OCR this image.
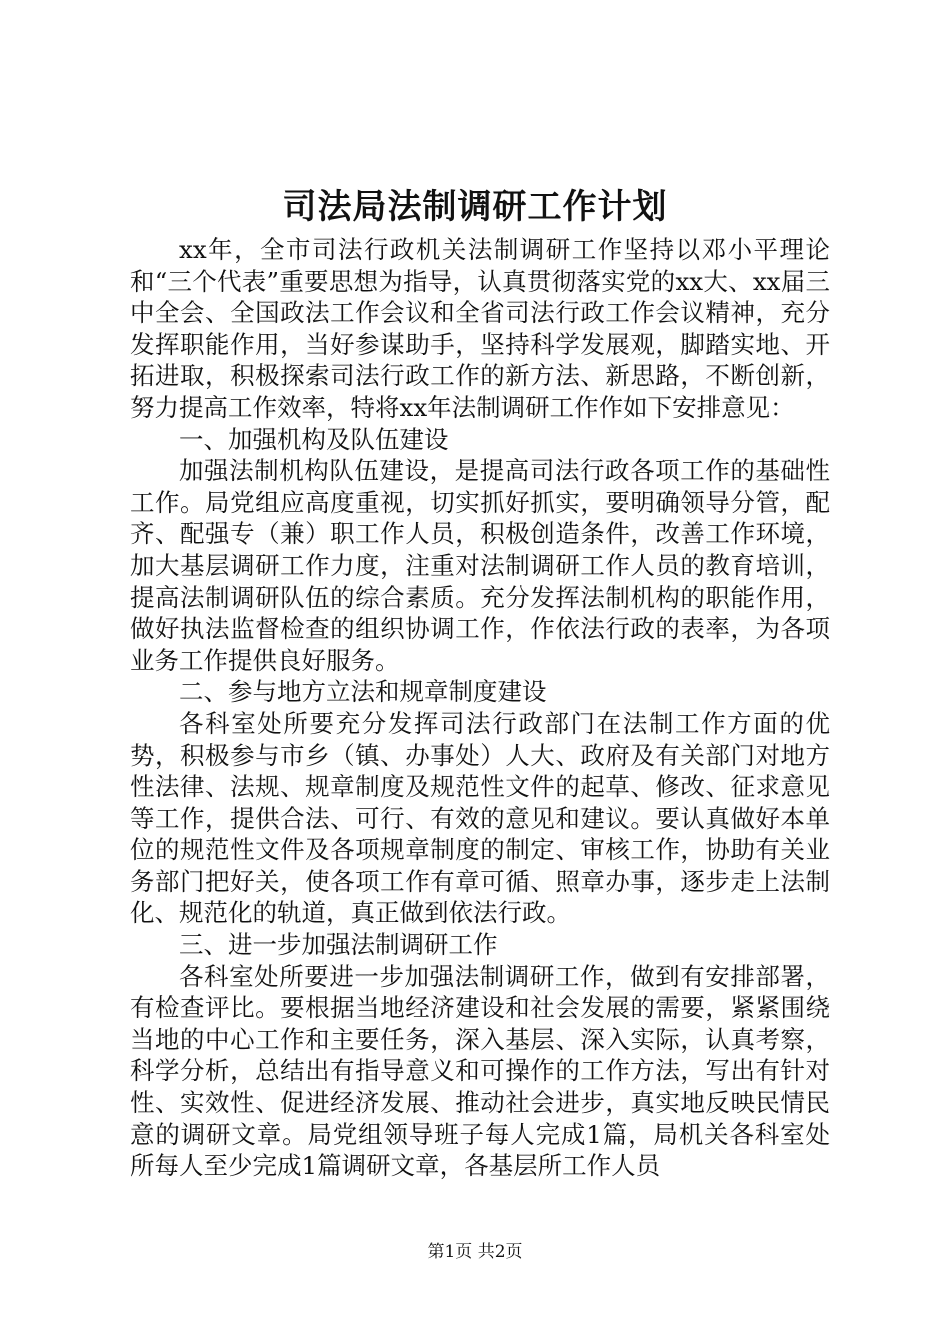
司法局法制调研工作计划

xx年，全市司法行政机关法制调研工作坚持以邓小平理论和“三个代表”重要思想为指导，认真贯彻落实党的xx大、xx届三中全会、全国政法工作会议和全省司法行政工作会议精神，充分发挥职能作用，当好参谋助手，坚持科学发展观，脚踏实地、开拓进取，积极探索司法行政工作的新方法、新思路，不断创新，努力提高工作效率，特将xx年法制调研工作作如下安排意见：

一、加强机构及队伍建设

加强法制机构队伍建设，是提高司法行政各项工作的基础性工作。局党组应高度重视，切实抓好抓实，要明确领导分管，配齐、配强专（兼）职工作人员，积极创造条件，改善工作环境，加大基层调研工作力度，注重对法制调研工作人员的教育培训，提高法制调研队伍的综合素质。充分发挥法制机构的职能作用，做好执法监督检查的组织协调工作，作依法行政的表率，为各项业务工作提供良好服务。

二、参与地方立法和规章制度建设

各科室处所要充分发挥司法行政部门在法制工作方面的优势，积极参与市乡（镇、办事处）人大、政府及有关部门对地方性法律、法规、规章制度及规范性文件的起草、修改、征求意见等工作，提供合法、可行、有效的意见和建议。要认真做好本单位的规范性文件及各项规章制度的制定、审核工作，协助有关业务部门把好关，使各项工作有章可循、照章办事，逐步走上法制化、规范化的轨道，真正做到依法行政。

三、进一步加强法制调研工作

各科室处所要进一步加强法制调研工作，做到有安排部署，有检查评比。要根据当地经济建设和社会发展的需要，紧紧围绕当地的中心工作和主要任务，深入基层、深入实际，认真考察，科学分析，总结出有指导意义和可操作的工作方法，写出有针对性、实效性、促进经济发展、推动社会进步，真实地反映民情民意的调研文章。局党组领导班子每人完成1篇，局机关各科室处所每人至少完成1篇调研文章，各基层所工作人员

第1页 共2页
